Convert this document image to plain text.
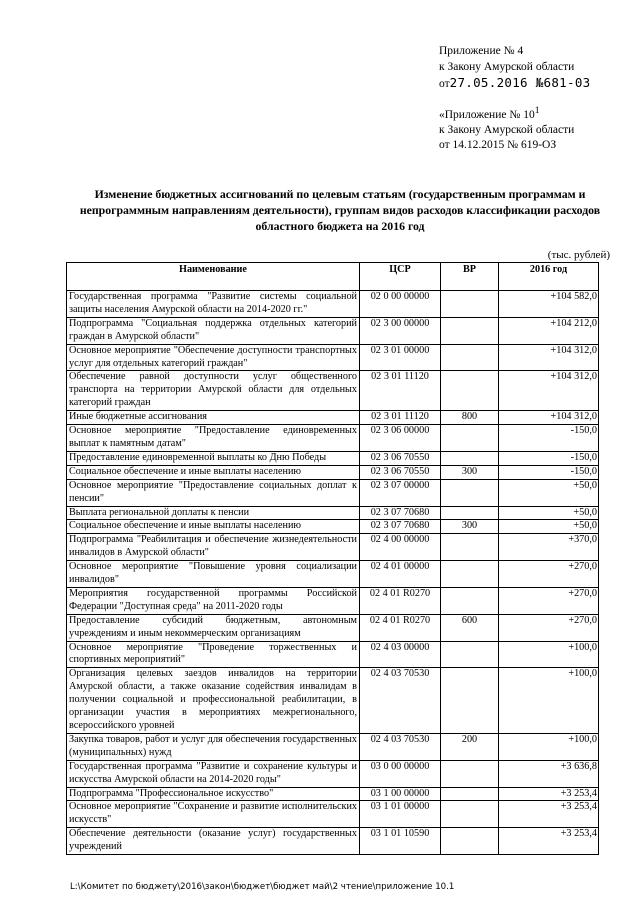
Приложение № 4
к Закону Амурской области
от27.05.2016 №681-03
«Приложение № $10^1$
к Закону Амурской области
от 14.12.2015 № 619-ОЗ
Изменение бюджетных ассигнований по целевым статьям (государственным программам и непрограммным направлениям деятельности), группам видов расходов классификации расходов областного бюджета на 2016 год
(тыс. рублей)
Наименование	ЦСР	ВР	2016 год
Государственная программа "Развитие системы социальной защиты населения Амурской области на 2014-2020 гг."	02 0 00 00000		+104 582,0
Подпрограмма "Социальная поддержка отдельных категорий граждан в Амурской области"	02 3 00 00000		+104 212,0
Основное мероприятие "Обеспечение доступности транспортных услуг для отдельных категорий граждан"	02 3 01 00000		+104 312,0
Обеспечение равной доступности услуг общественного транспорта на территории Амурской области для отдельных категорий граждан	02 3 01 11120		+104 312,0
Иные бюджетные ассигнования	02 3 01 11120	800	+104 312,0
Основное мероприятие "Предоставление единовременных выплат к памятным датам"	02 3 06 00000		-150,0
Предоставление единовременной выплаты ко Дню Победы	02 3 06 70550		-150,0
Социальное обеспечение и иные выплаты населению	02 3 06 70550	300	-150,0
Основное мероприятие "Предоставление социальных доплат к пенсии"	02 3 07 00000		+50,0
Выплата региональной доплаты к пенсии	02 3 07 70680		+50,0
Социальное обеспечение и иные выплаты населению	02 3 07 70680	300	+50,0
Подпрограмма "Реабилитация и обеспечение жизнедеятельности инвалидов в Амурской области"	02 4 00 00000		+370,0
Основное мероприятие "Повышение уровня социализации инвалидов"	02 4 01 00000		+270,0
Мероприятия государственной программы Российской Федерации "Доступная среда" на 2011-2020 годы	02 4 01 R0270		+270,0
Предоставление субсидий бюджетным, автономным учреждениям и иным некоммерческим организациям	02 4 01 R0270	600	+270,0
Основное мероприятие "Проведение торжественных и спортивных мероприятий"	02 4 03 00000		+100,0
Организация целевых заездов инвалидов на территории Амурской области, а также оказание содействия инвалидам в получении социальной и профессиональной реабилитации, в организации участия в мероприятиях межрегионального, всероссийского уровней	02 4 03 70530		+100,0
Закупка товаров, работ и услуг для обеспечения государственных (муниципальных) нужд	02 4 03 70530	200	+100,0
Государственная программа "Развитие и сохранение культуры и искусства Амурской области на 2014-2020 годы"	03 0 00 00000		+3 636,8
Подпрограмма "Профессиональное искусство"	03 1 00 00000		+3 253,4
Основное мероприятие "Сохранение и развитие исполнительских искусств"	03 1 01 00000		+3 253,4
Обеспечение деятельности (оказание услуг) государственных учреждений	03 1 01 10590		+3 253,4
L:\Комитет по бюджету\2016\закон\бюджет\бюджет май\2 чтение\приложение 10.1
